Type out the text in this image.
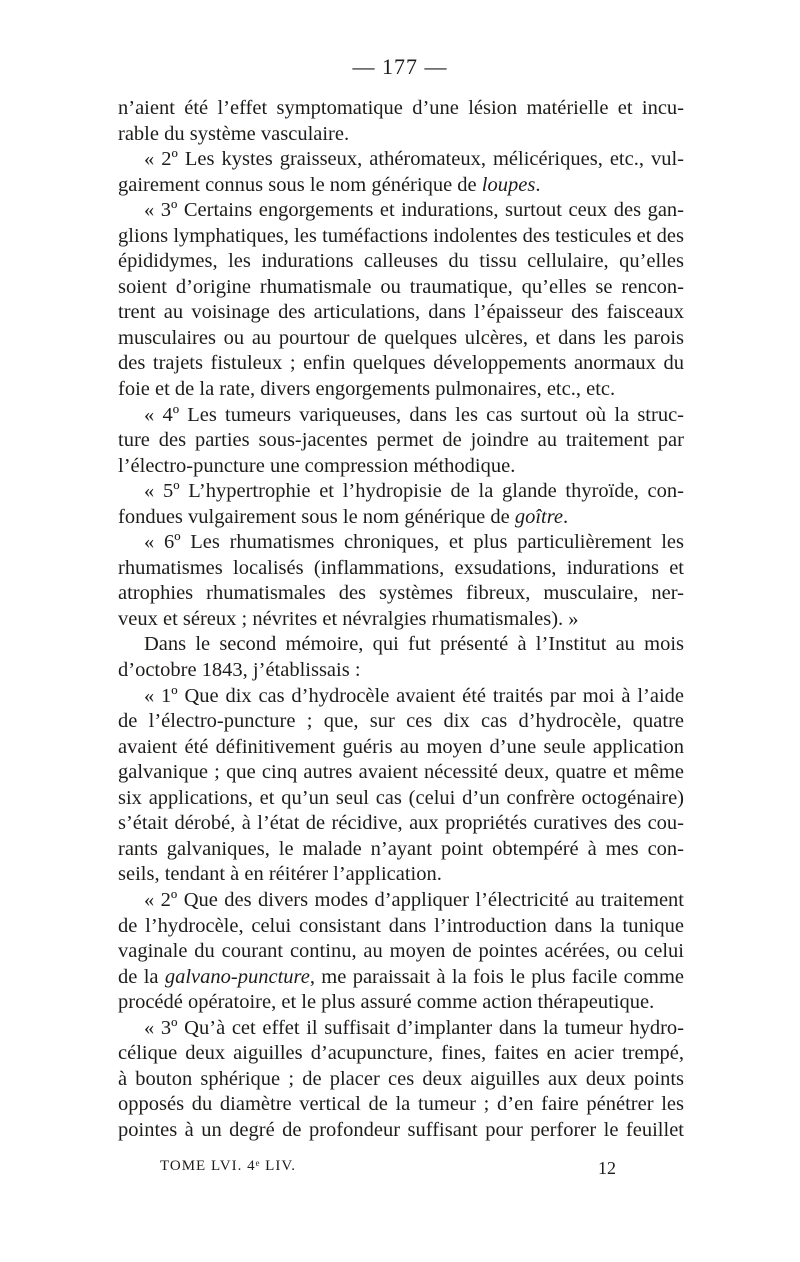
— 177 —
n’aient été l’effet symptomatique d’une lésion matérielle et incu-
rable du système vasculaire.
« 2º Les kystes graisseux, athéromateux, mélicériques, etc., vul-
gairement connus sous le nom générique de loupes.
« 3º Certains engorgements et indurations, surtout ceux des gan-
glions lymphatiques, les tuméfactions indolentes des testicules et des
épididymes, les indurations calleuses du tissu cellulaire, qu’elles
soient d’origine rhumatismale ou traumatique, qu’elles se rencon-
trent au voisinage des articulations, dans l’épaisseur des faisceaux
musculaires ou au pourtour de quelques ulcères, et dans les parois
des trajets fistuleux ; enfin quelques développements anormaux du
foie et de la rate, divers engorgements pulmonaires, etc., etc.
« 4º Les tumeurs variqueuses, dans les cas surtout où la struc-
ture des parties sous-jacentes permet de joindre au traitement par
l’électro-puncture une compression méthodique.
« 5º L’hypertrophie et l’hydropisie de la glande thyroïde, con-
fondues vulgairement sous le nom générique de goître.
« 6º Les rhumatismes chroniques, et plus particulièrement les
rhumatismes localisés (inflammations, exsudations, indurations et
atrophies rhumatismales des systèmes fibreux, musculaire, ner-
veux et séreux ; névrites et névralgies rhumatismales). »
Dans le second mémoire, qui fut présenté à l’Institut au mois
d’octobre 1843, j’établissais :
« 1º Que dix cas d’hydrocèle avaient été traités par moi à l’aide
de l’électro-puncture ; que, sur ces dix cas d’hydrocèle, quatre
avaient été définitivement guéris au moyen d’une seule application
galvanique ; que cinq autres avaient nécessité deux, quatre et même
six applications, et qu’un seul cas (celui d’un confrère octogénaire)
s’était dérobé, à l’état de récidive, aux propriétés curatives des cou-
rants galvaniques, le malade n’ayant point obtempéré à mes con-
seils, tendant à en réitérer l’application.
« 2º Que des divers modes d’appliquer l’électricité au traitement
de l’hydrocèle, celui consistant dans l’introduction dans la tunique
vaginale du courant continu, au moyen de pointes acérées, ou celui
de la galvano-puncture, me paraissait à la fois le plus facile comme
procédé opératoire, et le plus assuré comme action thérapeutique.
« 3º Qu’à cet effet il suffisait d’implanter dans la tumeur hydro-
célique deux aiguilles d’acupuncture, fines, faites en acier trempé,
à bouton sphérique ; de placer ces deux aiguilles aux deux points
opposés du diamètre vertical de la tumeur ; d’en faire pénétrer les
pointes à un degré de profondeur suffisant pour perforer le feuillet
TOME LVI. 4ᵉ LIV.	12
